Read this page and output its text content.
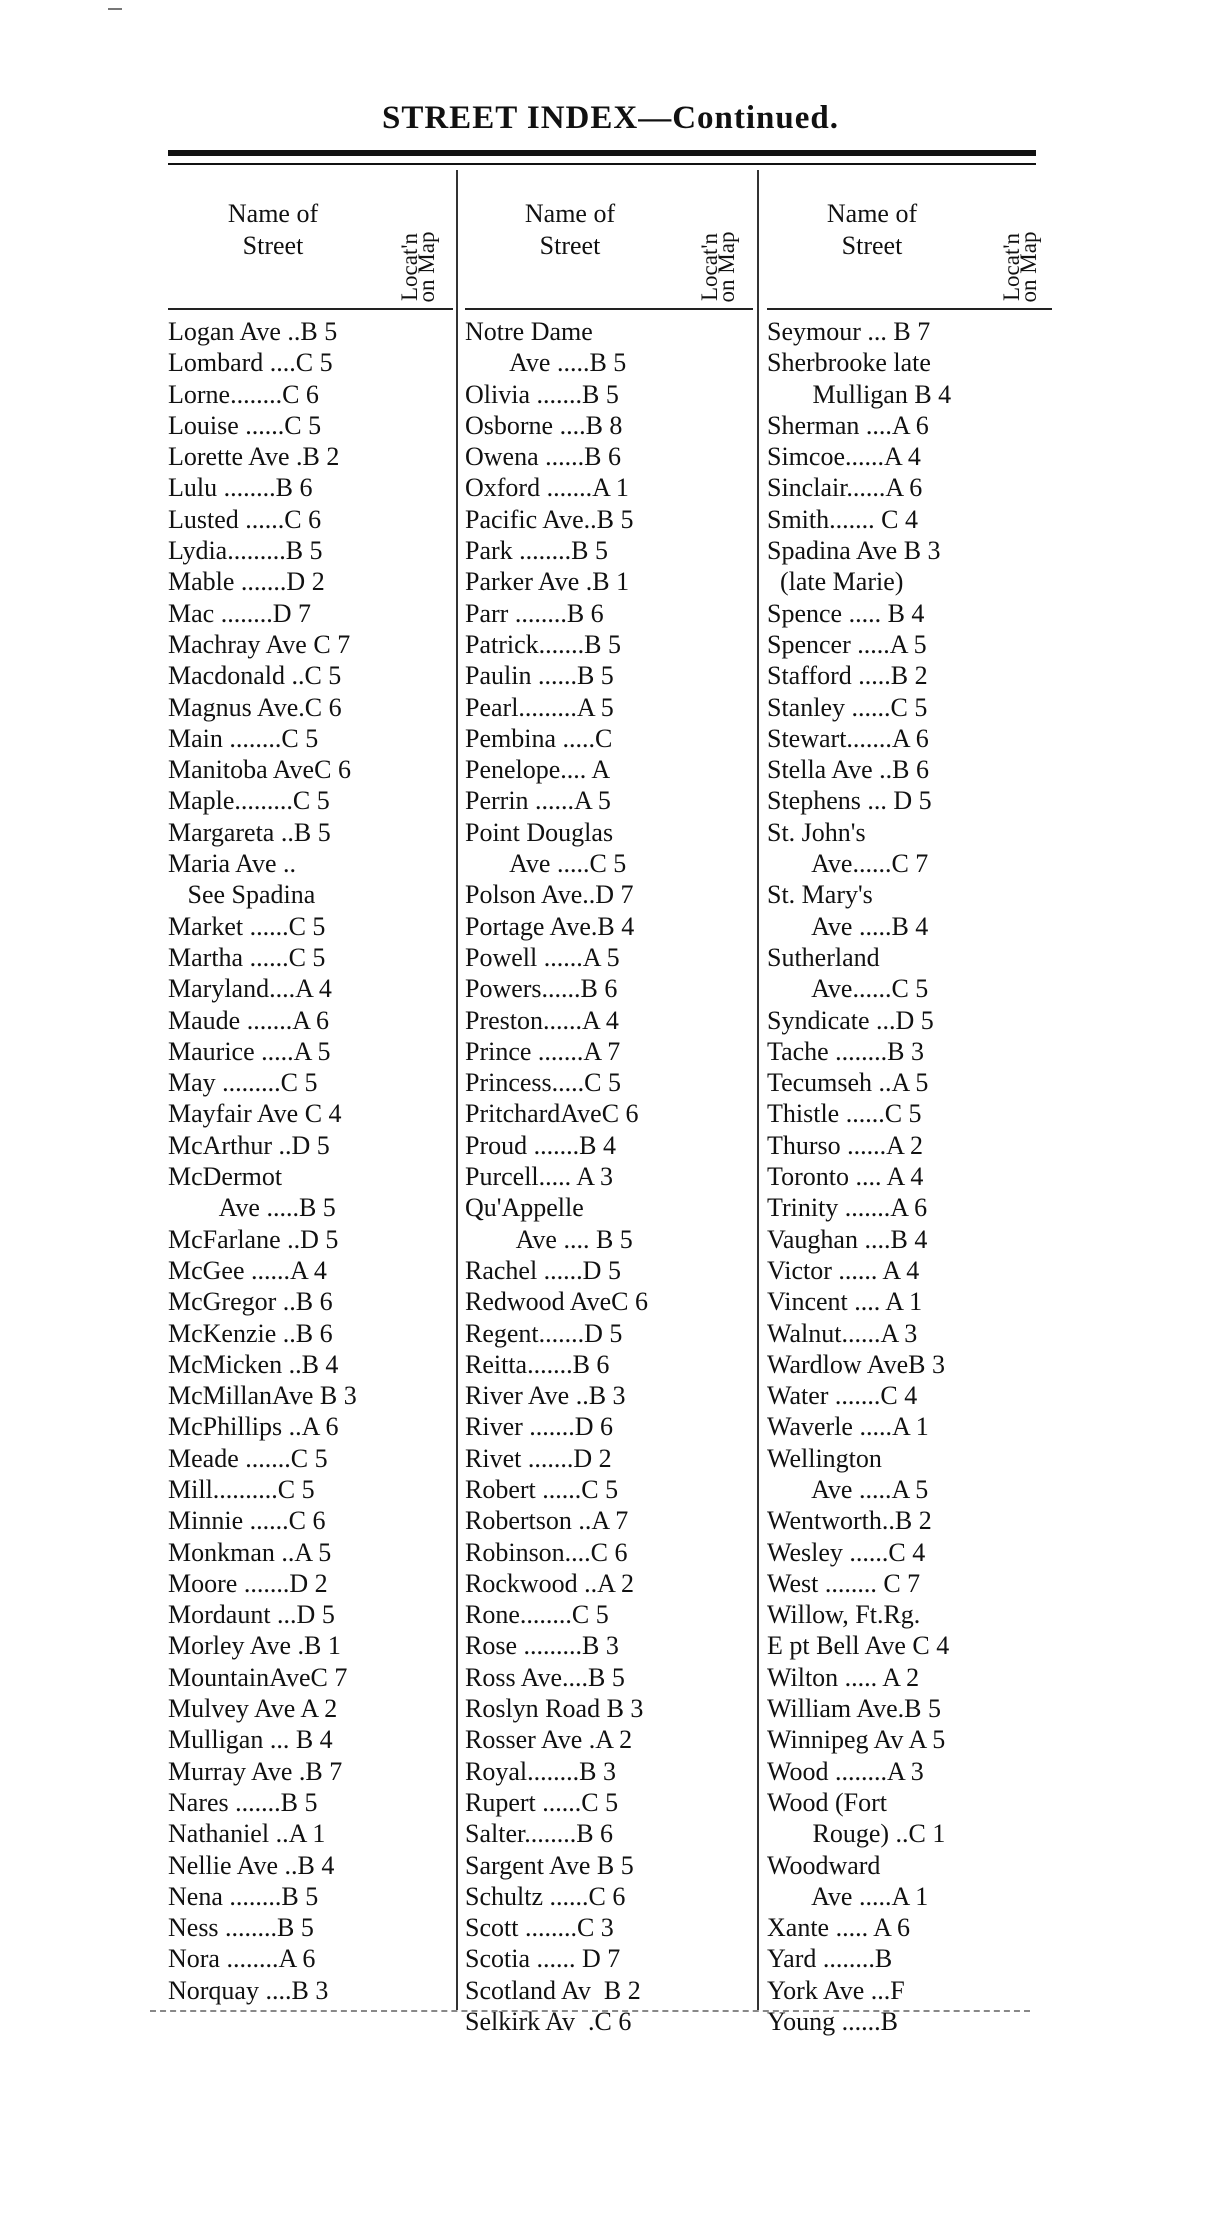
STREET INDEX—Continued.
Name of
Street	Locat'n
on Map
Logan Ave ..B 5
Lombard ....C 5
Lorne........C 6
Louise ......C 5
Lorette Ave .B 2
Lulu ........B 6
Lusted ......C 6
Lydia.........B 5
Mable .......D 2
Mac ........D 7
Machray Ave C 7
Macdonald ..C 5
Magnus Ave.C 6
Main ........C 5
Manitoba AveC 6
Maple.........C 5
Margareta ..B 5
Maria Ave ..
See Spadina
Market ......C 5
Martha ......C 5
Maryland....A 4
Maude .......A 6
Maurice .....A 5
May .........C 5
Mayfair Ave C 4
McArthur ..D 5
McDermot
Ave .....B 5
McFarlane ..D 5
McGee ......A 4
McGregor ..B 6
McKenzie ..B 6
McMicken ..B 4
McMillanAve B 3
McPhillips ..A 6
Meade .......C 5
Mill..........C 5
Minnie ......C 6
Monkman ..A 5
Moore .......D 2
Mordaunt ...D 5
Morley Ave .B 1
MountainAveC 7
Mulvey Ave A 2
Mulligan ... B 4
Murray Ave .B 7
Nares .......B 5
Nathaniel ..A 1
Nellie Ave ..B 4
Nena ........B 5
Ness ........B 5
Nora ........A 6
Norquay ....B 3
Name of
Street	Locat'n
on Map
Notre Dame
Ave .....B 5
Olivia .......B 5
Osborne ....B 8
Owena ......B 6
Oxford .......A 1
Pacific Ave..B 5
Park ........B 5
Parker Ave .B 1
Parr ........B 6
Patrick.......B 5
Paulin ......B 5
Pearl.........A 5
Pembina .....C
Penelope.... A
Perrin ......A 5
Point Douglas
Ave .....C 5
Polson Ave..D 7
Portage Ave.B 4
Powell ......A 5
Powers......B 6
Preston......A 4
Prince .......A 7
Princess.....C 5
PritchardAveC 6
Proud .......B 4
Purcell..... A 3
Qu'Appelle
Ave .... B 5
Rachel ......D 5
Redwood AveC 6
Regent.......D 5
Reitta.......B 6
River Ave ..B 3
River .......D 6
Rivet .......D 2
Robert ......C 5
Robertson ..A 7
Robinson....C 6
Rockwood ..A 2
Rone........C 5
Rose .........B 3
Ross Ave....B 5
Roslyn Road B 3
Rosser Ave .A 2
Royal........B 3
Rupert ......C 5
Salter........B 6
Sargent Ave B 5
Schultz ......C 6
Scott ........C 3
Scotia ...... D 7
Scotland Av  B 2
Selkirk Av  .C 6
Name of
Street	Locat'n
on Map
Seymour ... B 7
Sherbrooke late
Mulligan B 4
Sherman ....A 6
Simcoe......A 4
Sinclair......A 6
Smith....... C 4
Spadina Ave B 3
(late Marie)
Spence ..... B 4
Spencer .....A 5
Stafford .....B 2
Stanley ......C 5
Stewart.......A 6
Stella Ave ..B 6
Stephens ... D 5
St. John's
Ave......C 7
St. Mary's
Ave .....B 4
Sutherland
Ave......C 5
Syndicate ...D 5
Tache ........B 3
Tecumseh ..A 5
Thistle ......C 5
Thurso ......A 2
Toronto .... A 4
Trinity .......A 6
Vaughan ....B 4
Victor ...... A 4
Vincent .... A 1
Walnut......A 3
Wardlow AveB 3
Water .......C 4
Waverle .....A 1
Wellington
Ave .....A 5
Wentworth..B 2
Wesley ......C 4
West ........ C 7
Willow, Ft.Rg.
E pt Bell Ave C 4
Wilton ..... A 2
William Ave.B 5
Winnipeg Av A 5
Wood ........A 3
Wood (Fort
Rouge) ..C 1
Woodward
Ave .....A 1
Xante ..... A 6
Yard ........B
York Ave ...F
Young ......B
